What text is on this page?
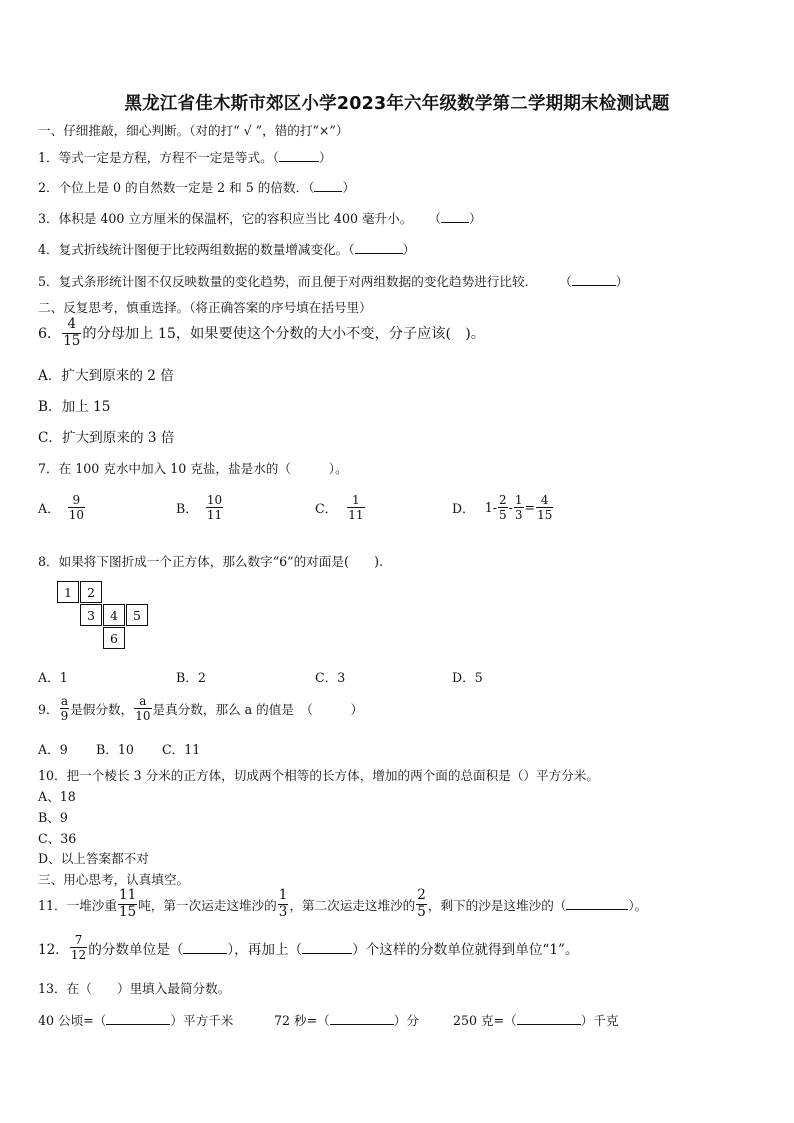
黑龙江省佳木斯市郊区小学2023年六年级数学第二学期期末检测试题
一、仔细推敲，细心判断。（对的打“ √ ”，错的打“×”）
1．等式一定是方程，方程不一定是等式。（	）
2．个位上是 0 的自然数一定是 2 和 5 的倍数．（ ）
3．体积是 400 立方厘米的保温杯，它的容积应当比 400 毫升小。 （ ）
4．复式折线统计图便于比较两组数据的数量增减变化。（	）
5．复式条形统计图不仅反映数量的变化趋势，而且便于对两组数据的变化趋势进行比较． （	）
二、反复思考，慎重选择。（将正确答案的序号填在括号里）
6． $\frac{4}{15}$ 的分母加上 15，如果要使这个分数的大小不变，分子应该(　)。
A．扩大到原来的 2 倍
B．加上 15
C．扩大到原来的 3 倍
7．在 100 克水中加入 10 克盐，盐是水的（　　　）。
A． $\frac{9}{10}$	B． $\frac{10}{11}$	C． $\frac{1}{11}$	D． $1- \frac{2}{5} - \frac{1}{3} = \frac{4}{15}$
8．如果将下图折成一个正方体，那么数字“6”的对面是(　　).
1	2
3	4	5
6
A．1	B．2	C．3	D．5
9． $\frac{a}{9}$ 是假分数， $\frac{a}{10}$ 是真分数，那么 a 的值是　（　　　）
A．9 B．10 C．11
10．把一个棱长 3 分米的正方体，切成两个相等的长方体，增加的两个面的总面积是（）平方分米。
A、18
B、9
C、36
D、以上答案都不对
三、用心思考，认真填空。
11．一堆沙重 $\frac{11}{15}$ 吨，第一次运走这堆沙的 $\frac{1}{3}$ ，第二次运走这堆沙的 $\frac{2}{5}$ ，剩下的沙是这堆沙的（	）。
12． $\frac{7}{12}$ 的分数单位是（	），再加上（	）个这样的分数单位就得到单位“1”。
13．在（　　）里填入最简分数。
40 公顷=（	）平方千米	72 秒=（	）分	250 克=（	）千克
